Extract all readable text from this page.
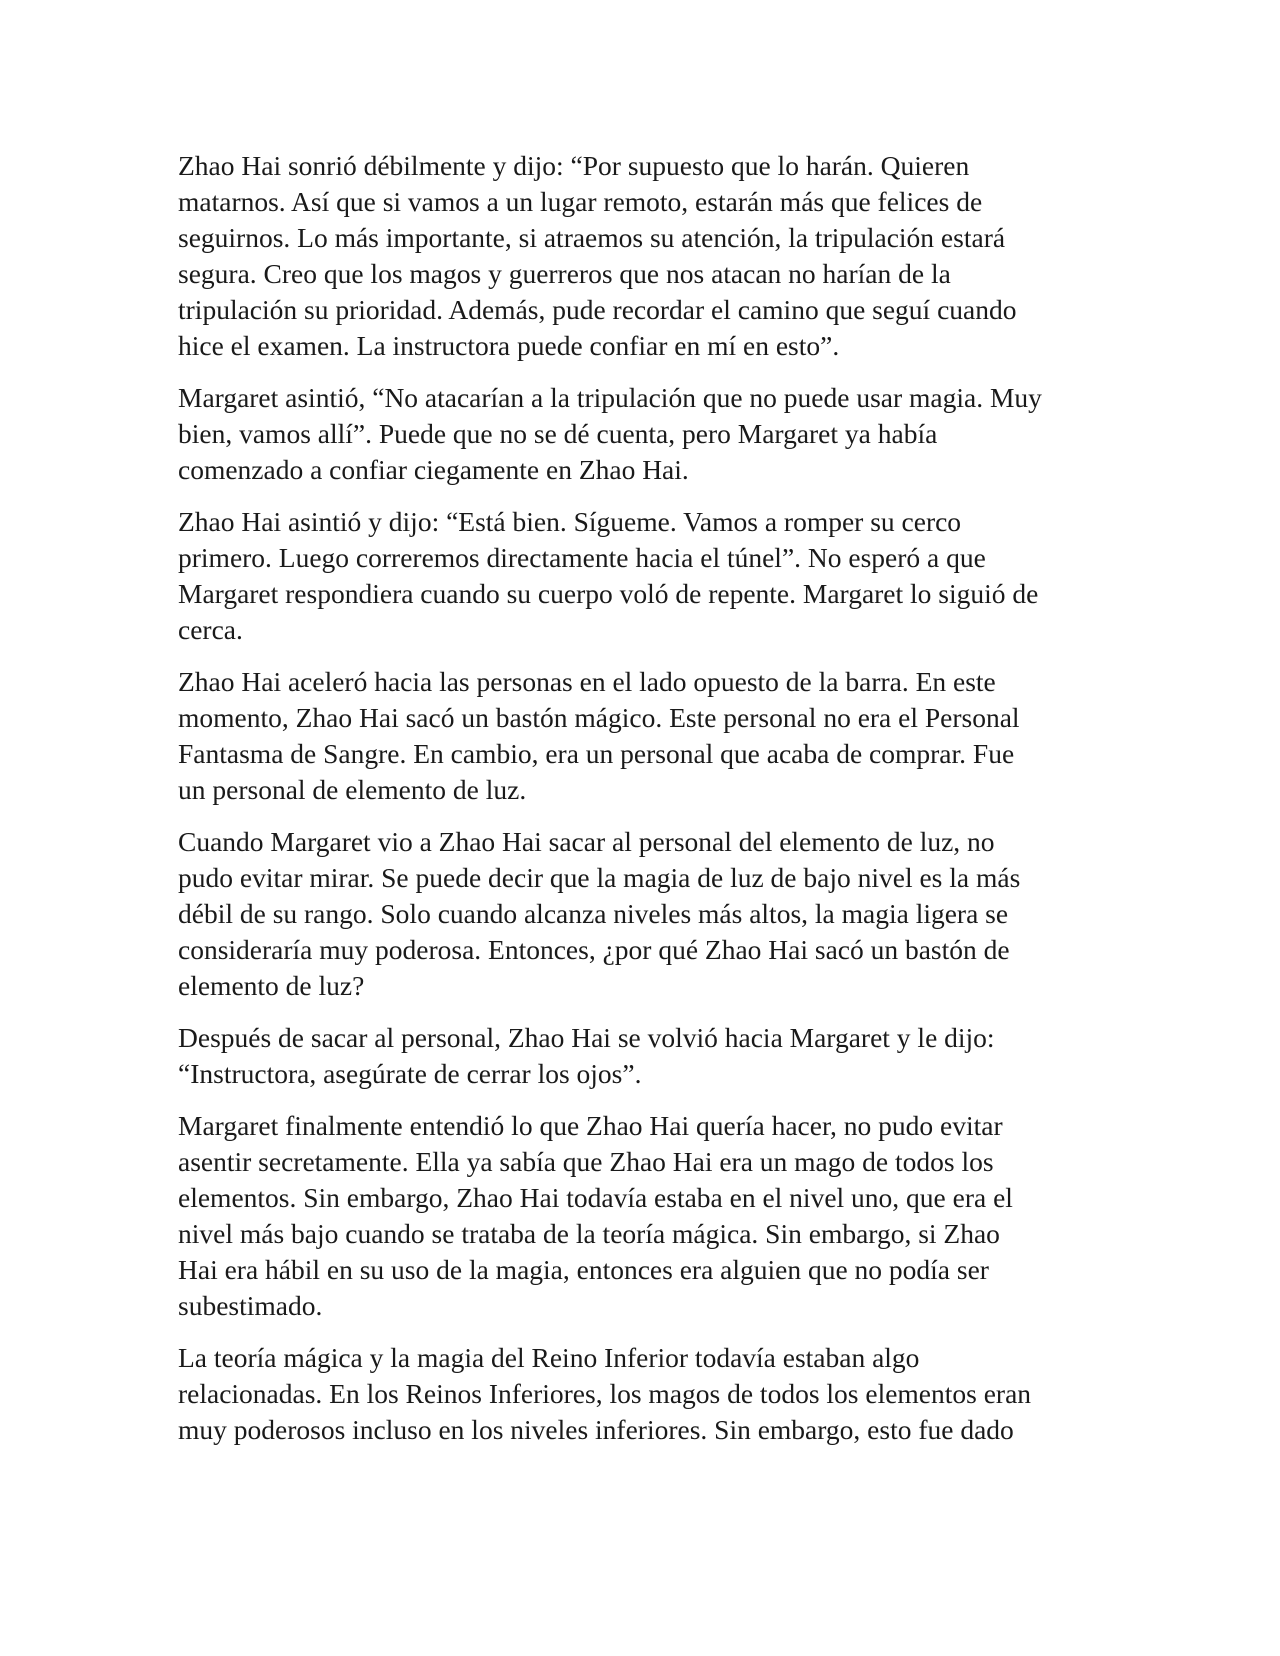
Zhao Hai sonrió débilmente y dijo: “Por supuesto que lo harán. Quieren
matarnos. Así que si vamos a un lugar remoto, estarán más que felices de
seguirnos. Lo más importante, si atraemos su atención, la tripulación estará
segura. Creo que los magos y guerreros que nos atacan no harían de la
tripulación su prioridad. Además, pude recordar el camino que seguí cuando
hice el examen. La instructora puede confiar en mí en esto”.

Margaret asintió, “No atacarían a la tripulación que no puede usar magia. Muy
bien, vamos allí”. Puede que no se dé cuenta, pero Margaret ya había
comenzado a confiar ciegamente en Zhao Hai.

Zhao Hai asintió y dijo: “Está bien. Sígueme. Vamos a romper su cerco
primero. Luego correremos directamente hacia el túnel”. No esperó a que
Margaret respondiera cuando su cuerpo voló de repente. Margaret lo siguió de
cerca.

Zhao Hai aceleró hacia las personas en el lado opuesto de la barra. En este
momento, Zhao Hai sacó un bastón mágico. Este personal no era el Personal
Fantasma de Sangre. En cambio, era un personal que acaba de comprar. Fue
un personal de elemento de luz.

Cuando Margaret vio a Zhao Hai sacar al personal del elemento de luz, no
pudo evitar mirar. Se puede decir que la magia de luz de bajo nivel es la más
débil de su rango. Solo cuando alcanza niveles más altos, la magia ligera se
consideraría muy poderosa. Entonces, ¿por qué Zhao Hai sacó un bastón de
elemento de luz?

Después de sacar al personal, Zhao Hai se volvió hacia Margaret y le dijo:
“Instructora, asegúrate de cerrar los ojos”.

Margaret finalmente entendió lo que Zhao Hai quería hacer, no pudo evitar
asentir secretamente. Ella ya sabía que Zhao Hai era un mago de todos los
elementos. Sin embargo, Zhao Hai todavía estaba en el nivel uno, que era el
nivel más bajo cuando se trataba de la teoría mágica. Sin embargo, si Zhao
Hai era hábil en su uso de la magia, entonces era alguien que no podía ser
subestimado.

La teoría mágica y la magia del Reino Inferior todavía estaban algo
relacionadas. En los Reinos Inferiores, los magos de todos los elementos eran
muy poderosos incluso en los niveles inferiores. Sin embargo, esto fue dado
